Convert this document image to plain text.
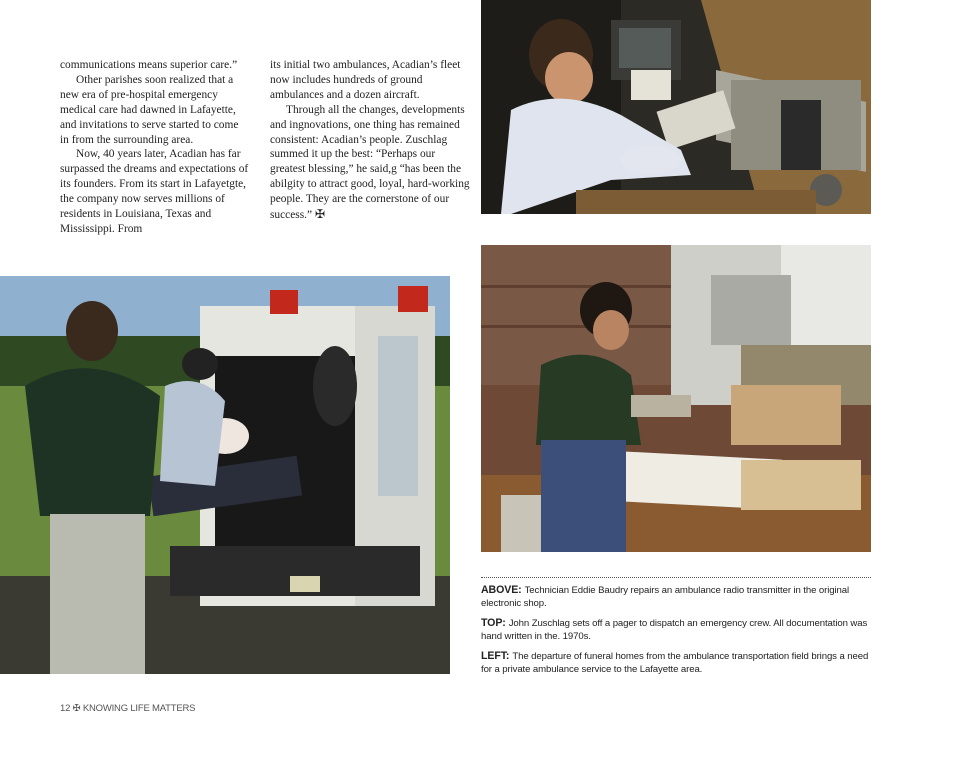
communications means superior care.”

Other parishes soon realized that a new era of pre-hospital emergency medical care had dawned in Lafayette, and invitations to serve started to come in from the surrounding area.

Now, 40 years later, Acadian has far surpassed the dreams and expectations of its founders. From its start in Lafayetgte, the company now serves millions of residents in Louisiana, Texas and Mississippi. From

its initial two ambulances, Acadian’s fleet now includes hundreds of ground ambulances and a dozen aircraft.

Through all the changes, developments and ingnovations, one thing has remained consistent: Acadian’s people. Zuschlag summed it up the best: “Perhaps our greatest blessing,” he said,g “has been the abilgity to attract good, loyal, hard-working people. They are the cornerstone of our success.” ✠

ABOVE: Technician Eddie Baudry repairs an ambulance radio transmitter in the original electronic shop.

TOP: John Zuschlag sets off a pager to dispatch an emergency crew. All documentation was hand written in the. 1970s.

LEFT: The departure of funeral homes from the ambulance transportation field brings a need for a private ambulance service to the Lafayette area.

12 ✠ KNOWING LIFE MATTERS
